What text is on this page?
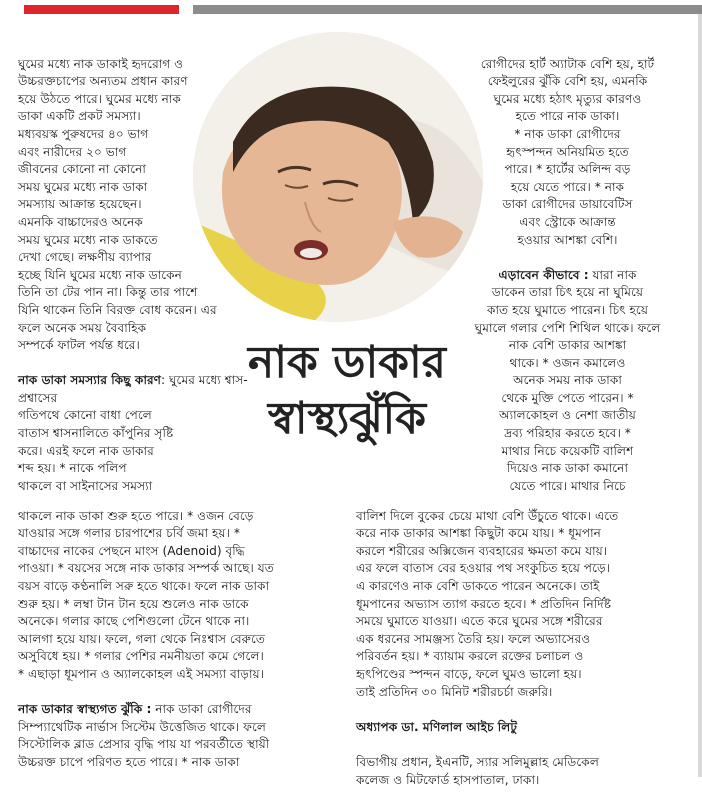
ঘুমের মধ্যে নাক ডাকাই হৃদরোগ ও
উচ্চরক্তচাপের অন্যতম প্রধান কারণ
হয়ে উঠতে পারে। ঘুমের মধ্যে নাক
ডাকা একটি প্রকট সমস্যা।
মধ্যবয়স্ক পুরুষদের ৪০ ভাগ
এবং নারীদের ২০ ভাগ
জীবনের কোনো না কোনো
সময় ঘুমের মধ্যে নাক ডাকা
সমস্যায় আক্রান্ত হয়েছেন।
এমনকি বাচ্চাদেরও অনেক
সময় ঘুমের মধ্যে নাক ডাকতে
দেখা গেছে। লক্ষণীয় ব্যাপার
হচ্ছে যিনি ঘুমের মধ্যে নাক ডাকেন
তিনি তা টের পান না। কিন্তু তার পাশে
যিনি থাকেন তিনি বিরক্ত বোধ করেন। এর
ফলে অনেক সময় বৈবাহিক
সম্পর্কে ফাটল পর্যন্ত ধরে।

নাক ডাকা সমস্যার কিছু কারণ: ঘুমের মধ্যে শ্বাস-প্রশ্বাসের
গতিপথে কোনো বাধা পেলে
বাতাস শ্বাসনালিতে কাঁপুনির সৃষ্টি
করে। এরই ফলে নাক ডাকার
শব্দ হয়। * নাকে পলিপ
থাকলে বা সাইনাসের সমস্যা

নাক ডাকার
স্বাস্থ্যঝুঁকি

রোগীদের হার্ট অ্যাটাক বেশি হয়, হার্ট
ফেইলুরের ঝুঁকি বেশি হয়, এমনকি
ঘুমের মধ্যে হঠাৎ মৃত্যুর কারণও
হতে পারে নাক ডাকা।
* নাক ডাকা রোগীদের
হৃৎস্পন্দন অনিয়মিত হতে
পারে। * হার্টের অলিন্দ বড়
হয়ে যেতে পারে। * নাক
ডাকা রোগীদের ডায়াবেটিস
এবং স্ট্রোকে আক্রান্ত
হওয়ার আশঙ্কা বেশি।

এড়াবেন কীভাবে : যারা নাক
ডাকেন তারা চিৎ হয়ে না ঘুমিয়ে
কাত হয়ে ঘুমাতে পারেন। চিৎ হয়ে
ঘুমালে গলার পেশি শিথিল থাকে। ফলে
নাক বেশি ডাকার আশঙ্কা
থাকে। * ওজন কমালেও
অনেক সময় নাক ডাকা
থেকে মুক্তি পেতে পারেন। *
অ্যালকোহল ও নেশা জাতীয়
দ্রব্য পরিহার করতে হবে। *
মাথার নিচে কয়েকটি বালিশ
দিয়েও নাক ডাকা কমানো
যেতে পারে। মাথার নিচে

থাকলে নাক ডাকা শুরু হতে পারে। * ওজন বেড়ে
যাওয়ার সঙ্গে গলার চারপাশের চর্বি জমা হয়। *
বাচ্চাদের নাকের পেছনে মাংস (Adenoid) বৃদ্ধি
পাওয়া। * বয়সের সঙ্গে নাক ডাকার সম্পর্ক আছে। যত
বয়স বাড়ে কণ্ঠনালি সরু হতে থাকে। ফলে নাক ডাকা
শুরু হয়। * লম্বা টান টান হয়ে শুলেও নাক ডাকে
অনেকে। গলার কাছে পেশিগুলো টেনে থাকে না।
আলগা হয়ে যায়। ফলে, গলা থেকে নিঃশ্বাস বেরুতে
অসুবিধে হয়। * গলার পেশির নমনীয়তা কমে গেলে।
* এছাড়া ধূমপান ও অ্যালকোহল এই সমস্যা বাড়ায়।

নাক ডাকার স্বাস্থ্যগত ঝুঁকি : নাক ডাকা রোগীদের
সিম্প্যাথেটিক নার্ভাস সিস্টেম উত্তেজিত থাকে। ফলে
সিস্টোলিক ব্লাড প্রেসার বৃদ্ধি পায় যা পরবর্তীতে স্থায়ী
উচ্চরক্ত চাপে পরিণত হতে পারে। * নাক ডাকা

বালিশ দিলে বুকের চেয়ে মাথা বেশি উঁচুতে থাকে। এতে
করে নাক ডাকার আশঙ্কা কিছুটা কমে যায়। * ধূমপান
করলে শরীরের অক্সিজেন ব্যবহারের ক্ষমতা কমে যায়।
এর ফলে বাতাস বের হওয়ার পথ সংকুচিত হয়ে পড়ে।
এ কারণেও নাক বেশি ডাকতে পারেন অনেকে। তাই
ধূমপানের অভ্যাস ত্যাগ করতে হবে। * প্রতিদিন নির্দিষ্ট
সময়ে ঘুমাতে যাওয়া। এতে করে ঘুমের সঙ্গে শরীরের
এক ধরনের সামঞ্জস্য তৈরি হয়। ফলে অভ্যাসেরও
পরিবর্তন হয়। * ব্যায়াম করলে রক্তের চলাচল ও
হৃৎপিণ্ডের স্পন্দন বাড়ে, ফলে ঘুমও ভালো হয়।
তাই প্রতিদিন ৩০ মিনিট শরীরচর্চা জরুরি।

অধ্যাপক ডা. মণিলাল আইচ লিটু

বিভাগীয় প্রধান, ইএনটি, স্যার সলিমুল্লাহ মেডিকেল
কলেজ ও মিটফোর্ড হাসপাতাল, ঢাকা।
